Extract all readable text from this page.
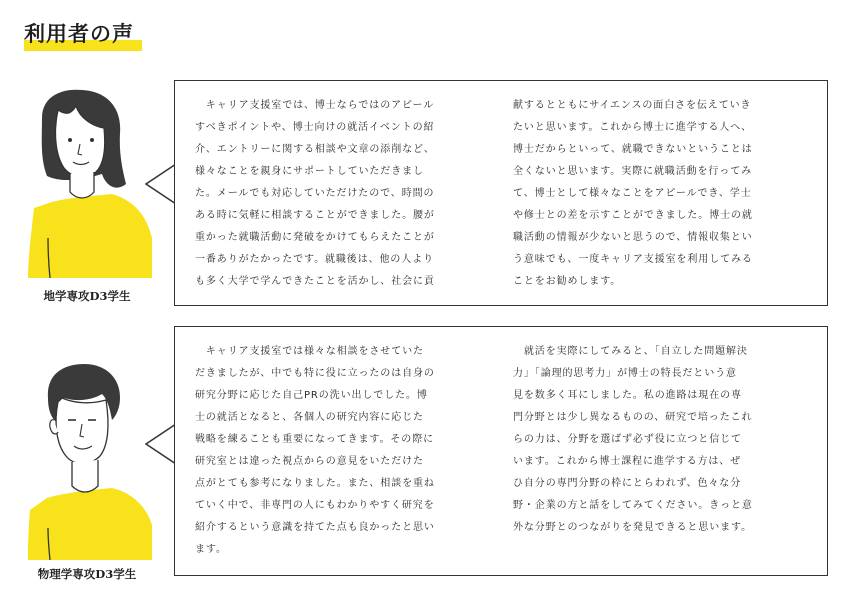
利用者の声
地学専攻D3学生
　キャリア支援室では、博士ならではのアピール
すべきポイントや、博士向けの就活イベントの紹
介、エントリーに関する相談や文章の添削など、
様々なことを親身にサポートしていただきまし
た。メールでも対応していただけたので、時間の
ある時に気軽に相談することができました。腰が
重かった就職活動に発破をかけてもらえたことが
一番ありがたかったです。就職後は、他の人より
も多く大学で学んできたことを活かし、社会に貢
献するとともにサイエンスの面白さを伝えていき
たいと思います。これから博士に進学する人へ、
博士だからといって、就職できないということは
全くないと思います。実際に就職活動を行ってみ
て、博士として様々なことをアピールでき、学士
や修士との差を示すことができました。博士の就
職活動の情報が少ないと思うので、情報収集とい
う意味でも、一度キャリア支援室を利用してみる
ことをお勧めします。
物理学専攻D3学生
　キャリア支援室では様々な相談をさせていた
だきましたが、中でも特に役に立ったのは自身の
研究分野に応じた自己PRの洗い出しでした。博
士の就活となると、各個人の研究内容に応じた
戦略を練ることも重要になってきます。その際に
研究室とは違った視点からの意見をいただけた
点がとても参考になりました。また、相談を重ね
ていく中で、非専門の人にもわかりやすく研究を
紹介するという意識を持てた点も良かったと思い
ます。
　就活を実際にしてみると、「自立した問題解決
力」「論理的思考力」が博士の特長だという意
見を数多く耳にしました。私の進路は現在の専
門分野とは少し異なるものの、研究で培ったこれ
らの力は、分野を選ばず必ず役に立つと信じて
います。これから博士課程に進学する方は、ぜ
ひ自分の専門分野の枠にとらわれず、色々な分
野・企業の方と話をしてみてください。きっと意
外な分野とのつながりを発見できると思います。
